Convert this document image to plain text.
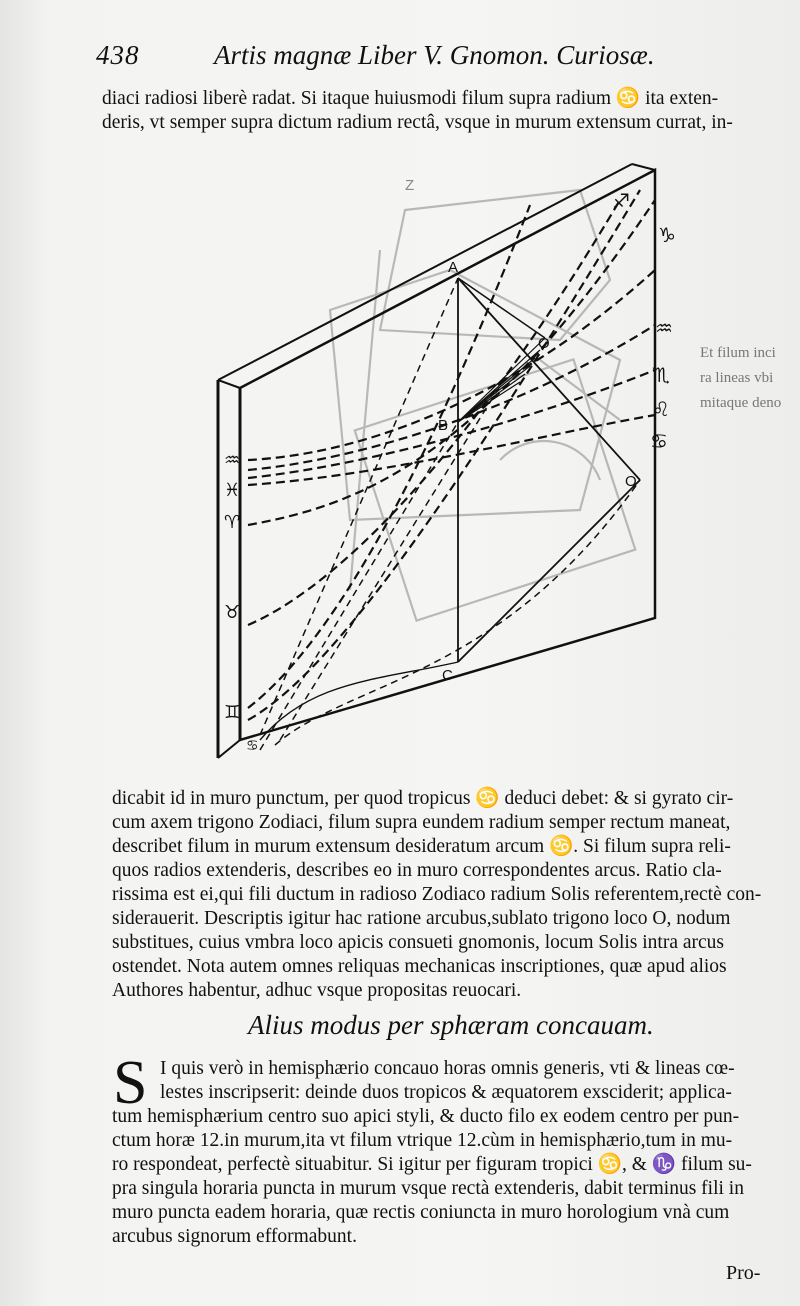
438	Artis magnæ Liber V. Gnomon. Curiosæ.
diaci radiosi liberè radat. Si itaque huiusmodi filum supra radium ♋ ita exten-
deris, vt semper supra dictum radium rectâ, vsque in murum extensum currat, in-
Et filum inci
ra lineas vbi
mitaque deno
A
B
C
O
O
Z
♐
♑
♒
♏
♌
♋
♒
♓
♈
♉
♊
♋
dicabit id in muro punctum, per quod tropicus ♋ deduci debet: & si gyrato cir-
cum axem trigono Zodiaci, filum supra eundem radium semper rectum maneat,
describet filum in murum extensum desideratum arcum ♋. Si filum supra reli-
quos radios extenderis, describes eo in muro correspondentes arcus. Ratio cla-
rissima est ei,qui fili ductum in radioso Zodiaco radium Solis referentem,rectè con-
siderauerit. Descriptis igitur hac ratione arcubus,sublato trigono loco O, nodum
substitues, cuius vmbra loco apicis consueti gnomonis, locum Solis intra arcus
ostendet. Nota autem omnes reliquas mechanicas inscriptiones, quæ apud alios
Authores habentur, adhuc vsque propositas reuocari.
Alius modus per sphæram concauam.
S I quis verò in hemisphærio concauo horas omnis generis, vti & lineas cœ-
lestes inscripserit: deinde duos tropicos & æquatorem exsciderit; applica-
tum hemisphærium centro suo apici styli, & ducto filo ex eodem centro per pun-
ctum horæ 12.in murum,ita vt filum vtrique 12.cùm in hemisphærio,tum in mu-
ro respondeat, perfectè situabitur. Si igitur per figuram tropici ♋, & ♑ filum su-
pra singula horaria puncta in murum vsque rectà extenderis, dabit terminus fili in
muro puncta eadem horaria, quæ rectis coniuncta in muro horologium vnà cum
arcubus signorum efformabunt.
Pro-
